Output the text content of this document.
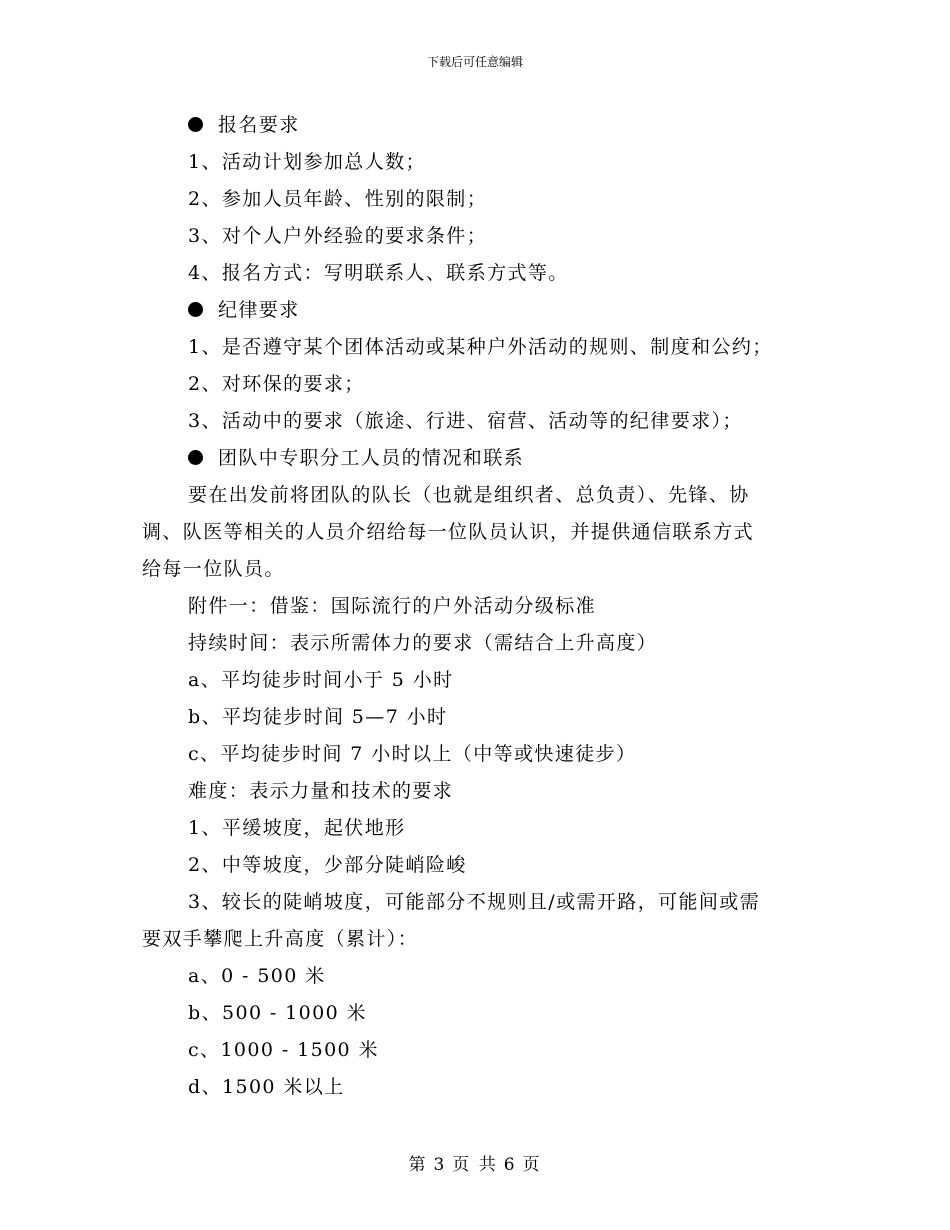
下载后可任意编辑
报名要求
1、活动计划参加总人数；
2、参加人员年龄、性别的限制；
3、对个人户外经验的要求条件；
4、报名方式：写明联系人、联系方式等。
纪律要求
1、是否遵守某个团体活动或某种户外活动的规则、制度和公约；
2、对环保的要求；
3、活动中的要求（旅途、行进、宿营、活动等的纪律要求）；
团队中专职分工人员的情况和联系
要在出发前将团队的队长（也就是组织者、总负责）、先锋、协
调、队医等相关的人员介绍给每一位队员认识，并提供通信联系方式
给每一位队员。
附件一：借鉴：国际流行的户外活动分级标准
持续时间：表示所需体力的要求（需结合上升高度）
a、平均徒步时间小于 5 小时
b、平均徒步时间 5—7 小时
c、平均徒步时间 7 小时以上（中等或快速徒步）
难度：表示力量和技术的要求
1、平缓坡度，起伏地形
2、中等坡度，少部分陡峭险峻
3、较长的陡峭坡度，可能部分不规则且/或需开路，可能间或需
要双手攀爬上升高度（累计）：
a、0 - 500 米
b、500 - 1000 米
c、1000 - 1500 米
d、1500 米以上
第 3 页 共 6 页
